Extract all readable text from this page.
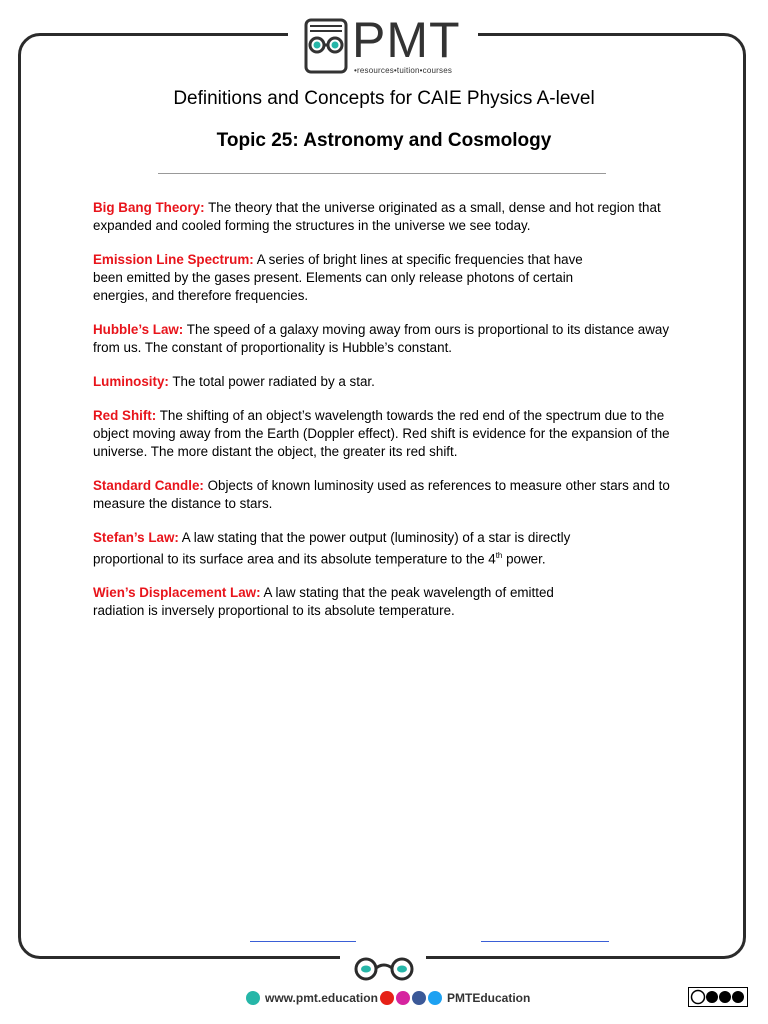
PMT
•resources•tuition•courses
Definitions and Concepts for CAIE Physics A-level
Topic 25: Astronomy and Cosmology

Big Bang Theory: The theory that the universe originated as a small, dense and hot region that expanded and cooled forming the structures in the universe we see today.

Emission Line Spectrum: A series of bright lines at specific frequencies that have been emitted by the gases present. Elements can only release photons of certain energies, and therefore frequencies.

Hubble’s Law: The speed of a galaxy moving away from ours is proportional to its distance away from us. The constant of proportionality is Hubble’s constant.

Luminosity: The total power radiated by a star.

Red Shift: The shifting of an object’s wavelength towards the red end of the spectrum due to the object moving away from the Earth (Doppler effect). Red shift is evidence for the expansion of the universe. The more distant the object, the greater its red shift.

Standard Candle: Objects of known luminosity used as references to measure other stars and to measure the distance to stars.

Stefan’s Law: A law stating that the power output (luminosity) of a star is directly proportional to its surface area and its absolute temperature to the 4th power.

Wien’s Displacement Law: A law stating that the peak wavelength of emitted radiation is inversely proportional to its absolute temperature.

www.pmt.education	PMTEducation
